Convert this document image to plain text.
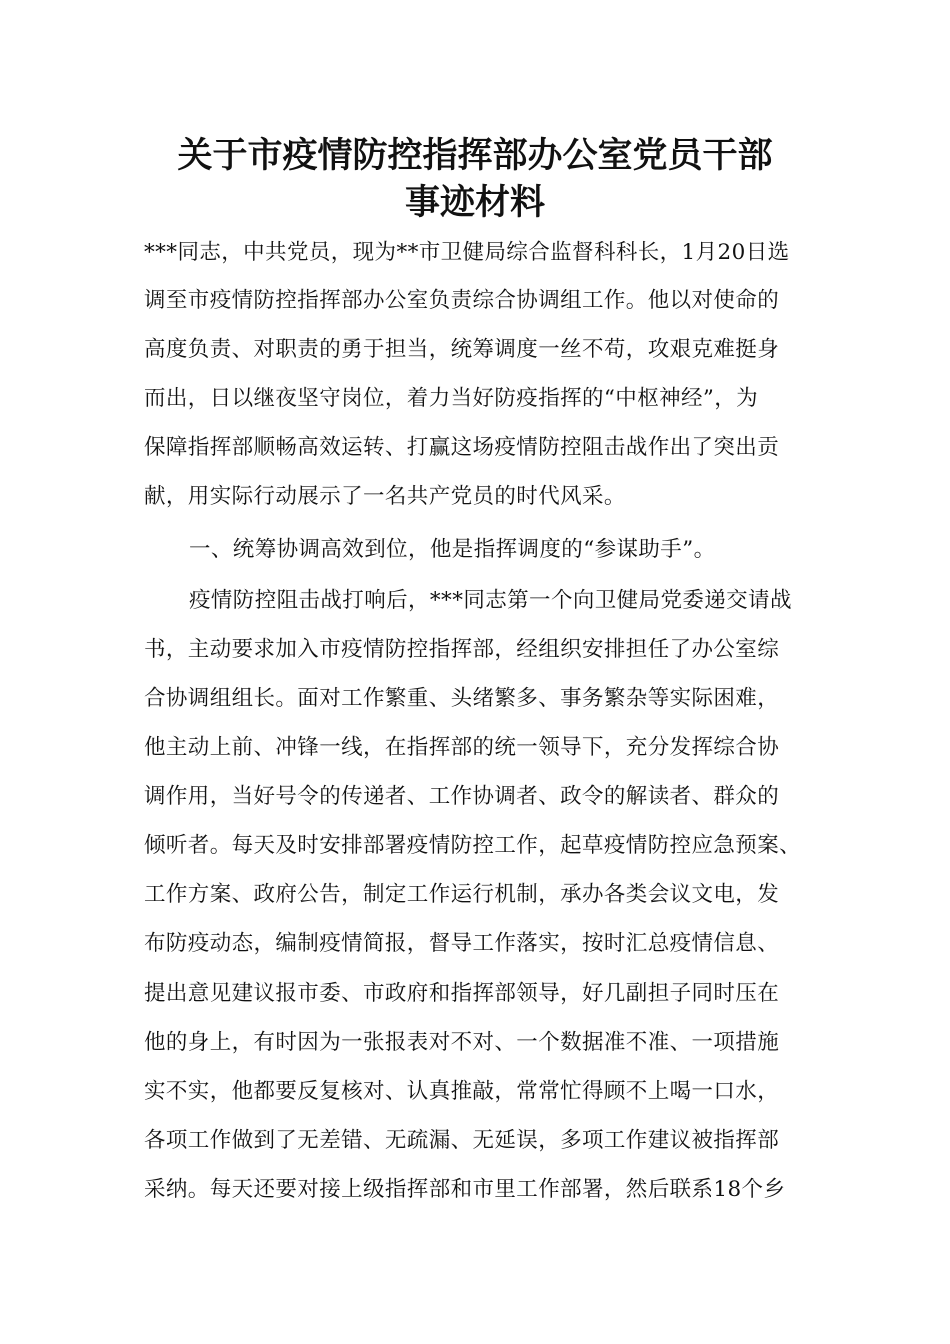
关于市疫情防控指挥部办公室党员干部
事迹材料
***同志，中共党员，现为**市卫健局综合监督科科长，1月20日选
调至市疫情防控指挥部办公室负责综合协调组工作。他以对使命的
高度负责、对职责的勇于担当，统筹调度一丝不苟，攻艰克难挺身
而出，日以继夜坚守岗位，着力当好防疫指挥的“中枢神经”，为
保障指挥部顺畅高效运转、打赢这场疫情防控阻击战作出了突出贡
献，用实际行动展示了一名共产党员的时代风采。
一、统筹协调高效到位，他是指挥调度的“参谋助手”。
疫情防控阻击战打响后，***同志第一个向卫健局党委递交请战
书，主动要求加入市疫情防控指挥部，经组织安排担任了办公室综
合协调组组长。面对工作繁重、头绪繁多、事务繁杂等实际困难，
他主动上前、冲锋一线，在指挥部的统一领导下，充分发挥综合协
调作用，当好号令的传递者、工作协调者、政令的解读者、群众的
倾听者。每天及时安排部署疫情防控工作，起草疫情防控应急预案、
工作方案、政府公告，制定工作运行机制，承办各类会议文电，发
布防疫动态，编制疫情简报，督导工作落实，按时汇总疫情信息、
提出意见建议报市委、市政府和指挥部领导，好几副担子同时压在
他的身上，有时因为一张报表对不对、一个数据准不准、一项措施
实不实，他都要反复核对、认真推敲，常常忙得顾不上喝一口水，
各项工作做到了无差错、无疏漏、无延误，多项工作建议被指挥部
采纳。每天还要对接上级指挥部和市里工作部署，然后联系18个乡
